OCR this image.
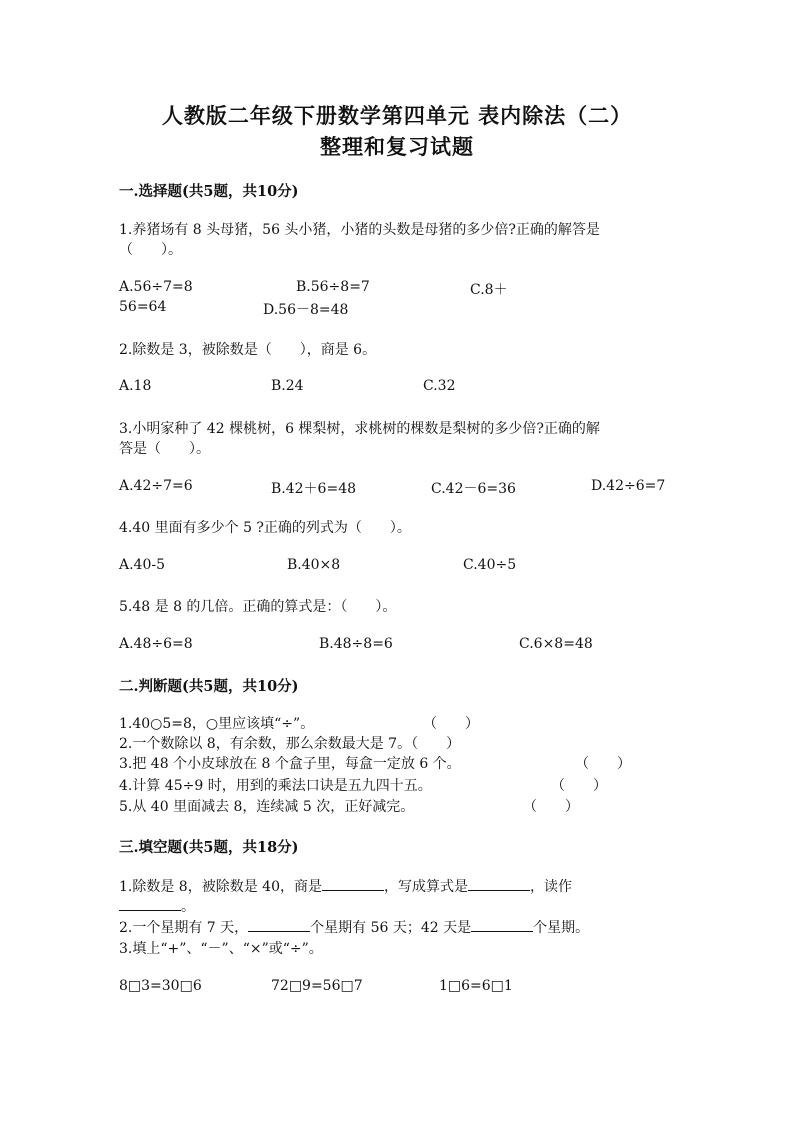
人教版二年级下册数学第四单元 表内除法（二）
整理和复习试题
一.选择题(共5题，共10分)
1.养猪场有 8 头母猪，56 头小猪，小猪的头数是母猪的多少倍?正确的解答是
（　　）。
A.56÷7=8	B.56÷8=7	C.8＋
56=64	D.56－8=48
2.除数是 3，被除数是（　　），商是 6。
A.18	B.24	C.32
3.小明家种了 42 棵桃树，6 棵梨树，求桃树的棵数是梨树的多少倍?正确的解
答是（　　）。
A.42÷7=6	B.42＋6=48	C.42－6=36	D.42÷6=7
4.40 里面有多少个 5 ?正确的列式为（　　）。
A.40-5	B.40×8	C.40÷5
5.48 是 8 的几倍。正确的算式是：（　　）。
A.48÷6=8	B.48÷8=6	C.6×8=48
二.判断题(共5题，共10分)
1.40○5=8，○里应该填“÷”。	（　　）
2.一个数除以 8，有余数，那么余数最大是 7。（　　）
3.把 48 个小皮球放在 8 个盒子里，每盒一定放 6 个。	（　　）
4.计算 45÷9 时，用到的乘法口诀是五九四十五。	（　　）
5.从 40 里面减去 8，连续减 5 次，正好减完。	（　　）
三.填空题(共5题，共18分)
1.除数是 8，被除数是 40，商是	，写成算式是	，读作
。
2.一个星期有 7 天，	个星期有 56 天；42 天是	个星期。
3.填上“+”、“－”、“×”或“÷”。
8□3=30□6	72□9=56□7	1□6=6□1
